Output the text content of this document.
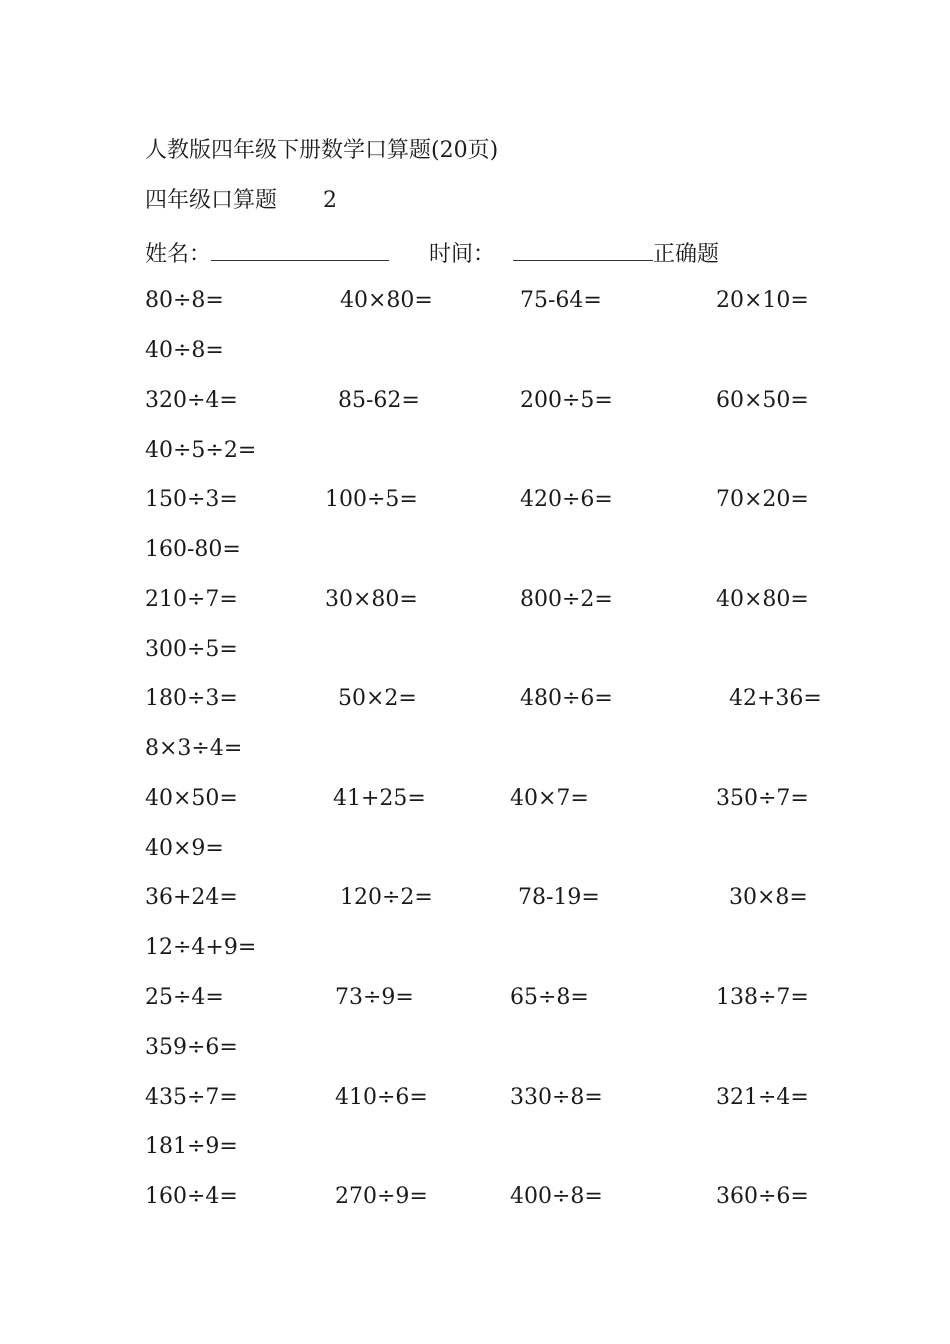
人教版四年级下册数学口算题(20页)
四年级口算题 2
姓名：	时间：	正确题
80÷8=	40×80=	75-64=	20×10=
40÷8=
320÷4=	85-62=	200÷5=	60×50=
40÷5÷2=
150÷3=	100÷5=	420÷6=	70×20=
160-80=
210÷7=	30×80=	800÷2=	40×80=
300÷5=
180÷3=	50×2=	480÷6=	42+36=
8×3÷4=
40×50=	41+25=	40×7=	350÷7=
40×9=
36+24=	120÷2=	78-19=	30×8=
12÷4+9=
25÷4=	73÷9=	65÷8=	138÷7=
359÷6=
435÷7=	410÷6=	330÷8=	321÷4=
181÷9=
160÷4=	270÷9=	400÷8=	360÷6=
